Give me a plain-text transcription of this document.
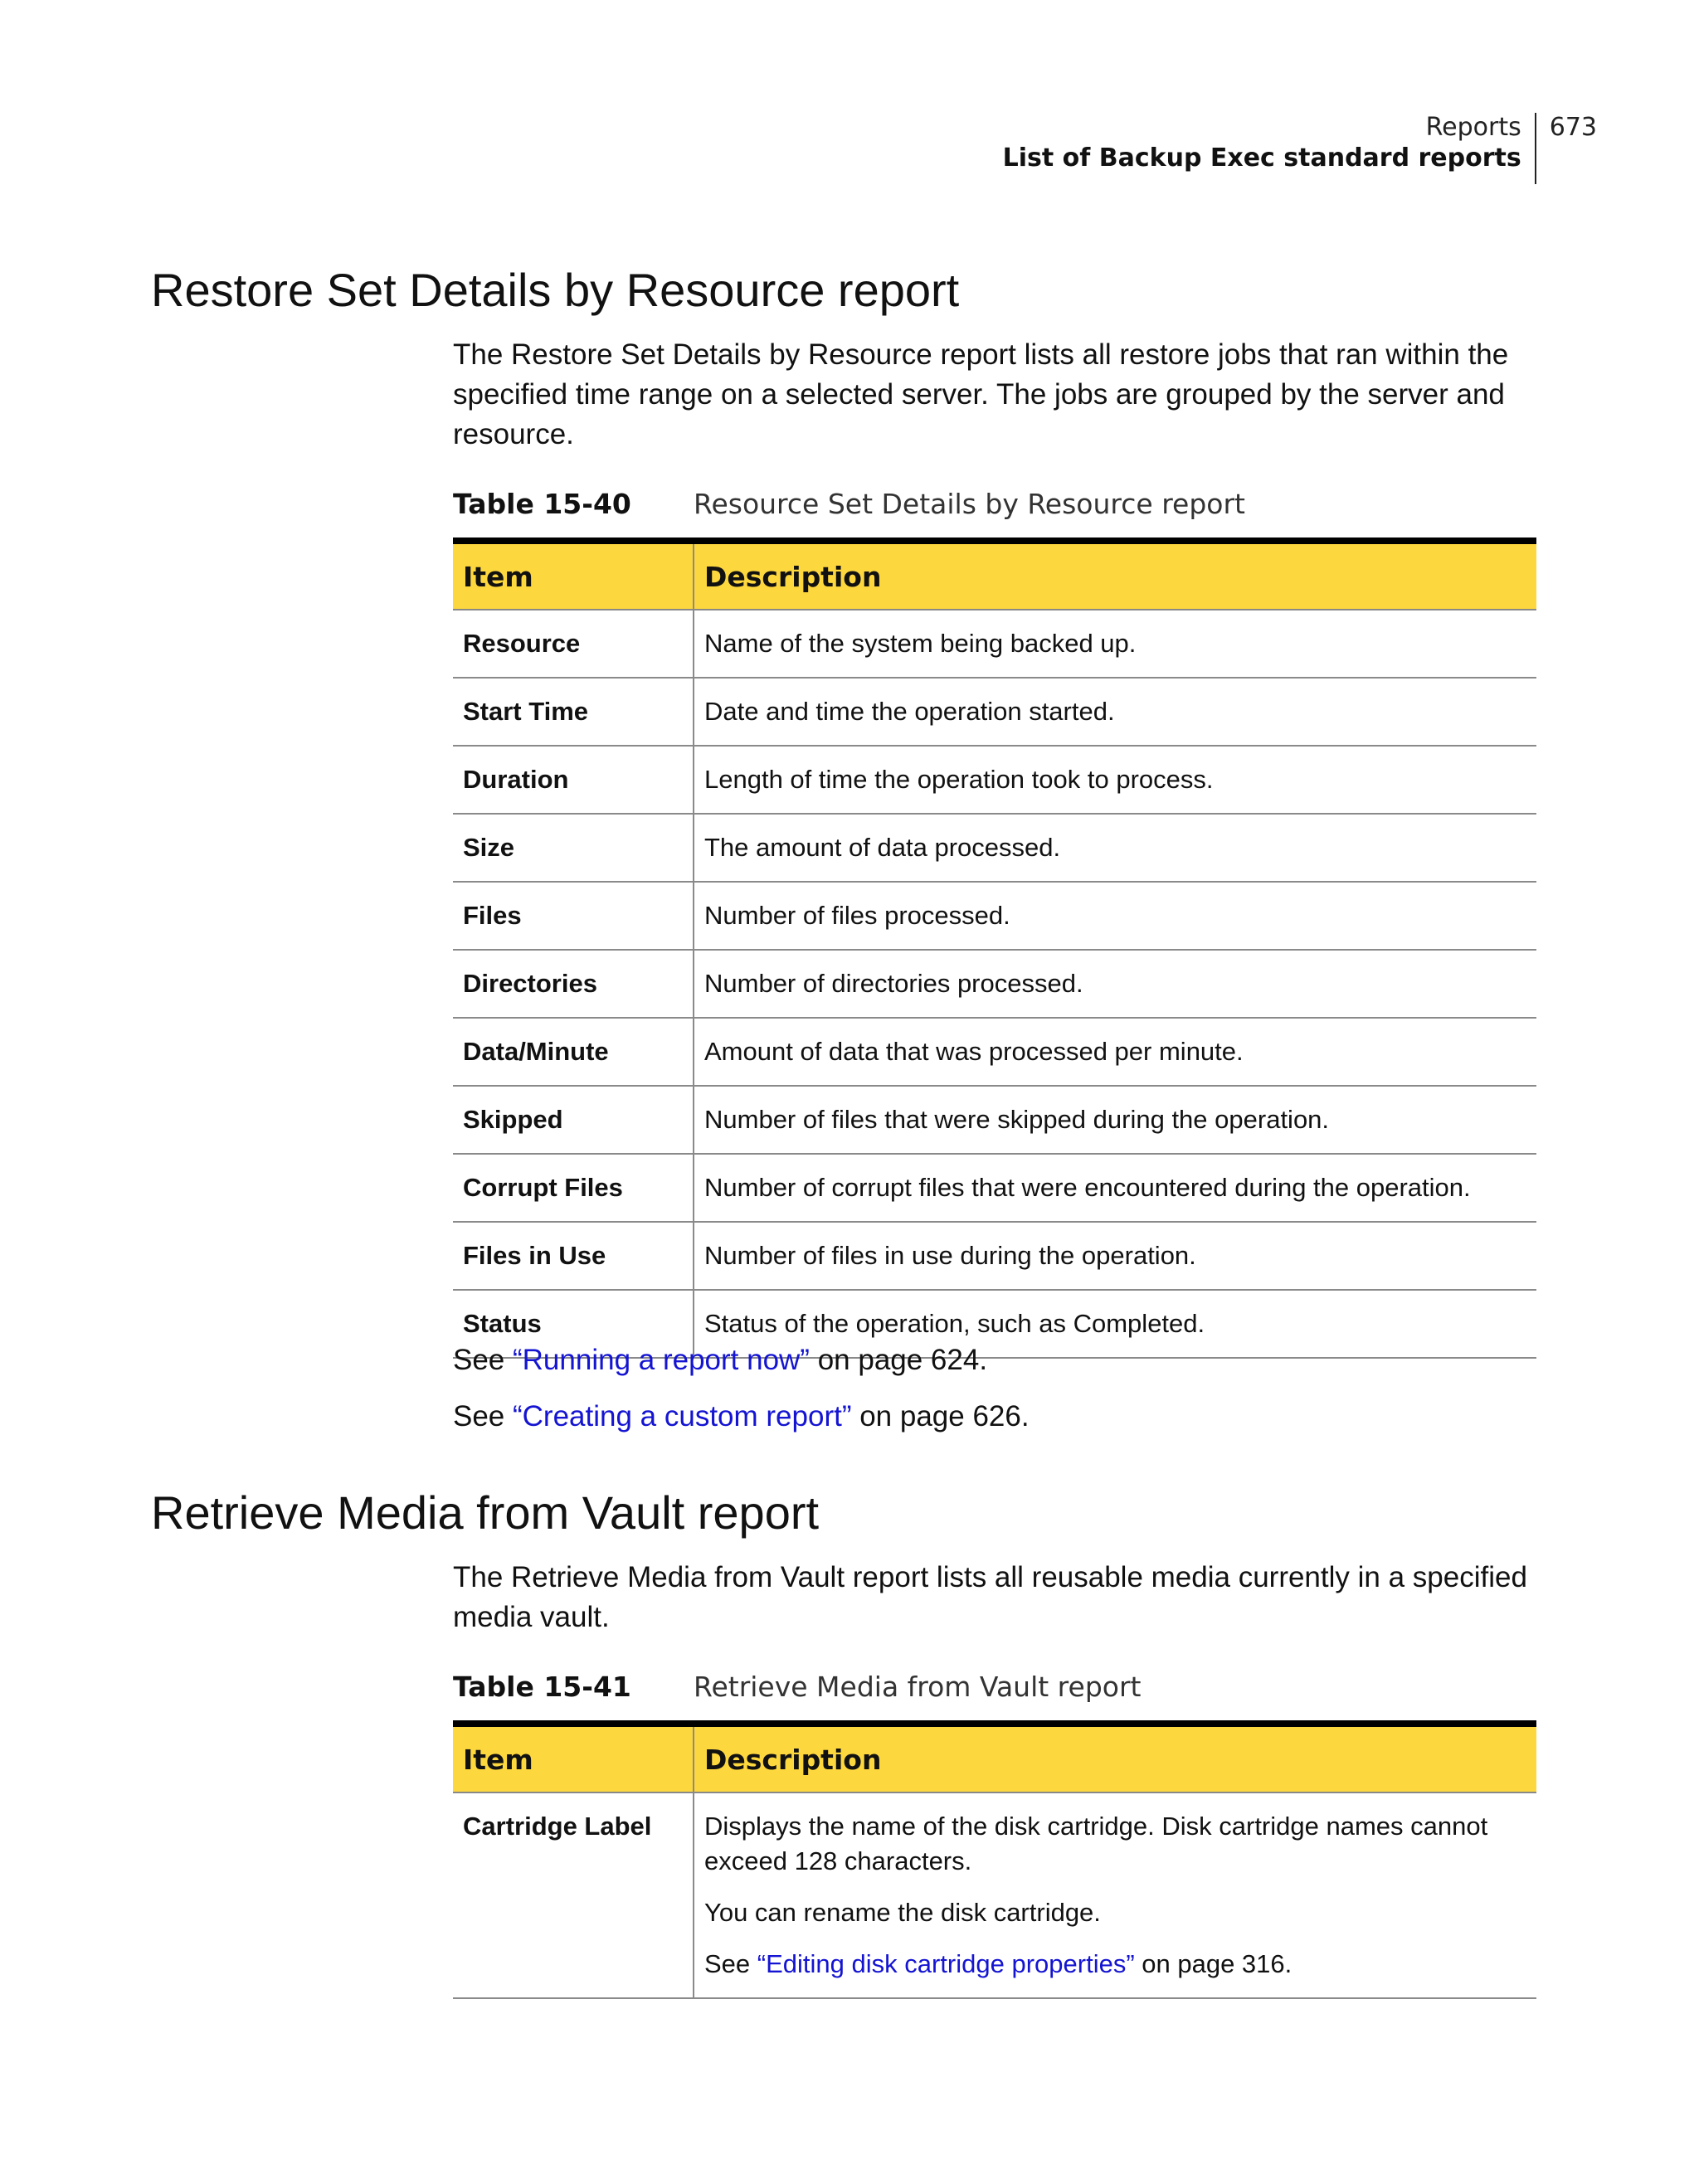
Reports
List of Backup Exec standard reports
673
Restore Set Details by Resource report

The Restore Set Details by Resource report lists all restore jobs that ran within the specified time range on a selected server. The jobs are grouped by the server and resource.

Table 15-40	Resource Set Details by Resource report
Item	Description
Resource	Name of the system being backed up.
Start Time	Date and time the operation started.
Duration	Length of time the operation took to process.
Size	The amount of data processed.
Files	Number of files processed.
Directories	Number of directories processed.
Data/Minute	Amount of data that was processed per minute.
Skipped	Number of files that were skipped during the operation.
Corrupt Files	Number of corrupt files that were encountered during the operation.
Files in Use	Number of files in use during the operation.
Status	Status of the operation, such as Completed.

See “Running a report now” on page 624.

See “Creating a custom report” on page 626.

Retrieve Media from Vault report

The Retrieve Media from Vault report lists all reusable media currently in a specified media vault.

Table 15-41	Retrieve Media from Vault report
Item	Description
Cartridge Label	Displays the name of the disk cartridge. Disk cartridge names cannot exceed 128 characters.

You can rename the disk cartridge.

See “Editing disk cartridge properties” on page 316.
